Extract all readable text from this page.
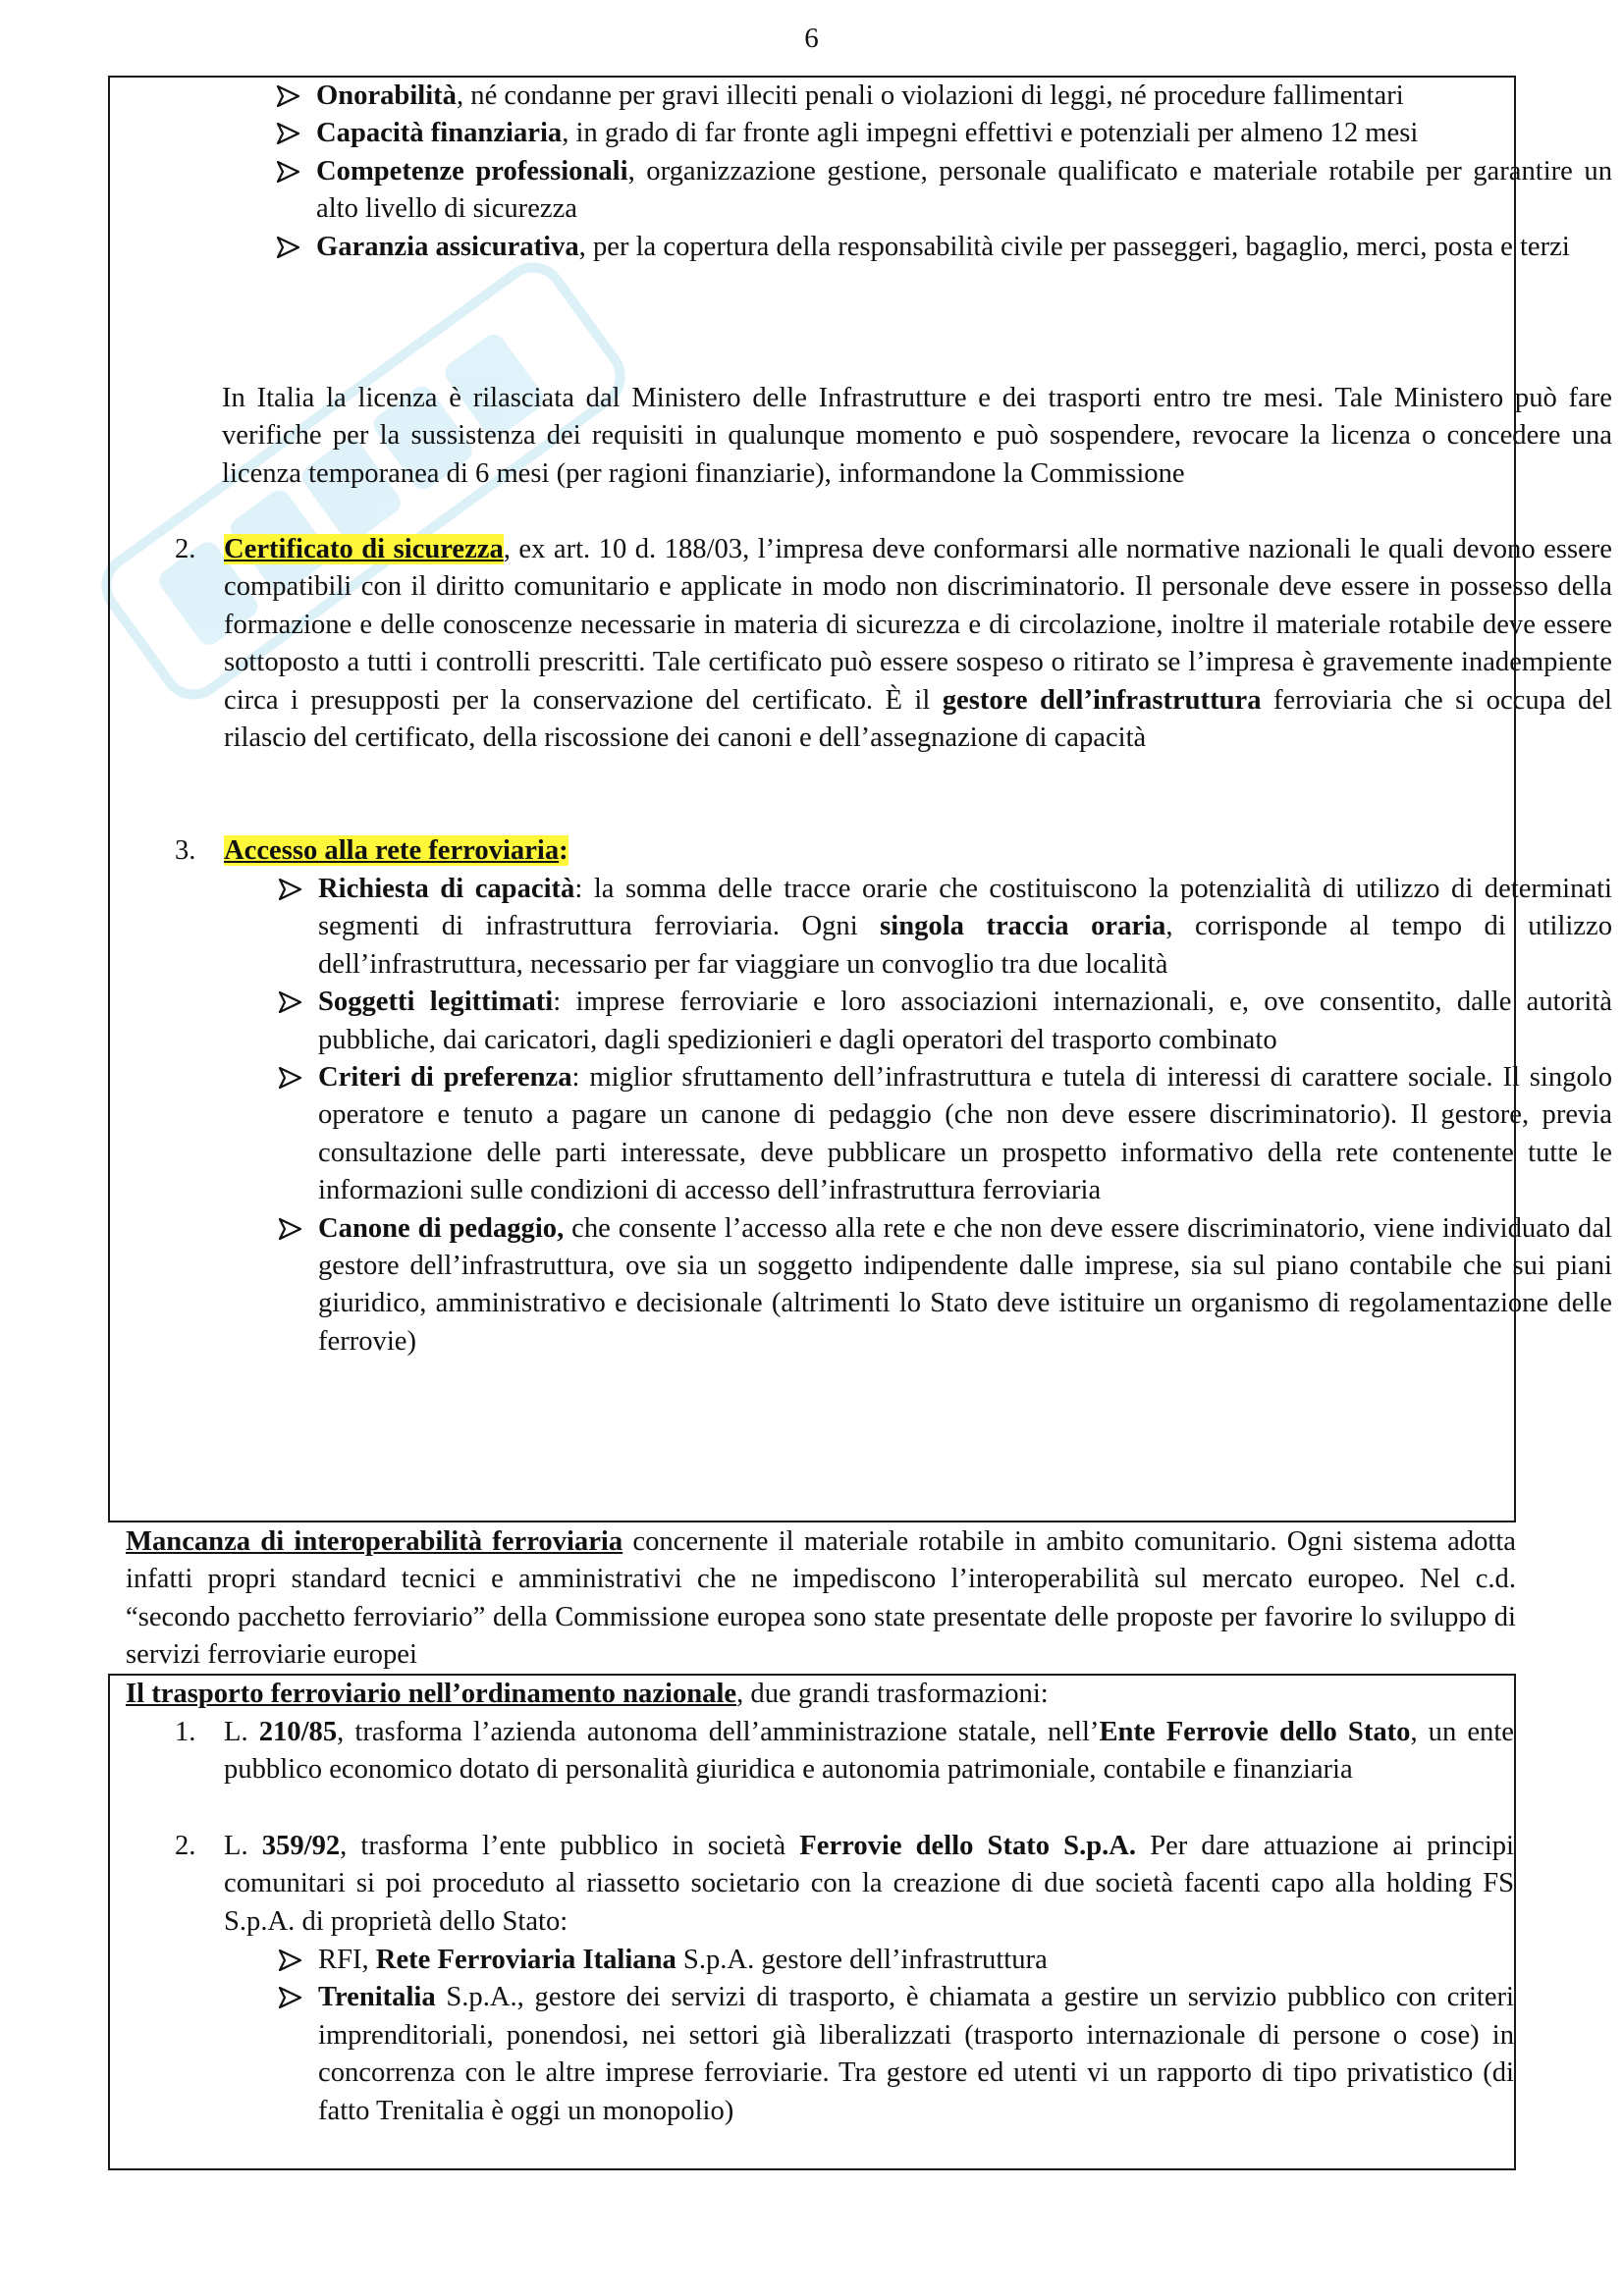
6
Onorabilità, né condanne per gravi illeciti penali o violazioni di leggi, né procedure fallimentari
Capacità finanziaria, in grado di far fronte agli impegni effettivi e potenziali per almeno 12 mesi
Competenze professionali, organizzazione gestione, personale qualificato e materiale rotabile per garantire un alto livello di sicurezza
Garanzia assicurativa, per la copertura della responsabilità civile per passeggeri, bagaglio, merci, posta e terzi
In Italia la licenza è rilasciata dal Ministero delle Infrastrutture e dei trasporti entro tre mesi. Tale Ministero può fare verifiche per la sussistenza dei requisiti in qualunque momento e può sospendere, revocare la licenza o concedere una licenza temporanea di 6 mesi (per ragioni finanziarie), informandone la Commissione
2. Certificato di sicurezza, ex art. 10 d. 188/03, l’impresa deve conformarsi alle normative nazionali le quali devono essere compatibili con il diritto comunitario e applicate in modo non discriminatorio. Il personale deve essere in possesso della formazione e delle conoscenze necessarie in materia di sicurezza e di circolazione, inoltre il materiale rotabile deve essere sottoposto a tutti i controlli prescritti. Tale certificato può essere sospeso o ritirato se l’impresa è gravemente inadempiente circa i presupposti per la conservazione del certificato. È il gestore dell’infrastruttura ferroviaria che si occupa del rilascio del certificato, della riscossione dei canoni e dell’assegnazione di capacità
3. Accesso alla rete ferroviaria:
Richiesta di capacità: la somma delle tracce orarie che costituiscono la potenzialità di utilizzo di determinati segmenti di infrastruttura ferroviaria. Ogni singola traccia oraria, corrisponde al tempo di utilizzo dell’infrastruttura, necessario per far viaggiare un convoglio tra due località
Soggetti legittimati: imprese ferroviarie e loro associazioni internazionali, e, ove consentito, dalle autorità pubbliche, dai caricatori, dagli spedizionieri e dagli operatori del trasporto combinato
Criteri di preferenza: miglior sfruttamento dell’infrastruttura e tutela di interessi di carattere sociale. Il singolo operatore e tenuto a pagare un canone di pedaggio (che non deve essere discriminatorio). Il gestore, previa consultazione delle parti interessate, deve pubblicare un prospetto informativo della rete contenente tutte le informazioni sulle condizioni di accesso dell’infrastruttura ferroviaria
Canone di pedaggio, che consente l’accesso alla rete e che non deve essere discriminatorio, viene individuato dal gestore dell’infrastruttura, ove sia un soggetto indipendente dalle imprese, sia sul piano contabile che sui piani giuridico, amministrativo e decisionale (altrimenti lo Stato deve istituire un organismo di regolamentazione delle ferrovie)
Mancanza di interoperabilità ferroviaria concernente il materiale rotabile in ambito comunitario. Ogni sistema adotta infatti propri standard tecnici e amministrativi che ne impediscono l’interoperabilità sul mercato europeo. Nel c.d. “secondo pacchetto ferroviario” della Commissione europea sono state presentate delle proposte per favorire lo sviluppo di servizi ferroviarie europei
Il trasporto ferroviario nell’ordinamento nazionale, due grandi trasformazioni:
1. L. 210/85, trasforma l’azienda autonoma dell’amministrazione statale, nell’Ente Ferrovie dello Stato, un ente pubblico economico dotato di personalità giuridica e autonomia patrimoniale, contabile e finanziaria
2. L. 359/92, trasforma l’ente pubblico in società Ferrovie dello Stato S.p.A. Per dare attuazione ai principi comunitari si poi proceduto al riassetto societario con la creazione di due società facenti capo alla holding FS S.p.A. di proprietà dello Stato:
RFI, Rete Ferroviaria Italiana S.p.A. gestore dell’infrastruttura
Trenitalia S.p.A., gestore dei servizi di trasporto, è chiamata a gestire un servizio pubblico con criteri imprenditoriali, ponendosi, nei settori già liberalizzati (trasporto internazionale di persone o cose) in concorrenza con le altre imprese ferroviarie. Tra gestore ed utenti vi un rapporto di tipo privatistico (di fatto Trenitalia è oggi un monopolio)
